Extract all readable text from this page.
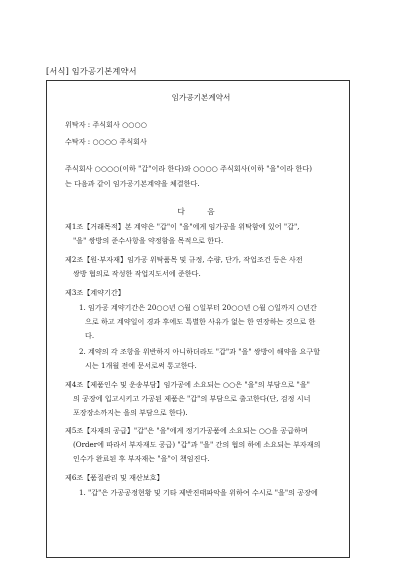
[서식] 임가공기본계약서
임가공기본계약서
위탁자 : 주식회사 ○○○○
수탁자 : ○○○○ 주식회사
주식회사 ○○○○(이하 "갑"이라 한다)와 ○○○○ 주식회사(이하 "을"이라 한다)
는 다음과 같이 임가공기본계약을 체결한다.
다 음
제1조【거래목적】본 계약은 "갑"이 "을"에게 임가공을 위탁함에 있어 "갑",
"을" 쌍방의 준수사항을 약정함을 목적으로 한다.
제2조【원·부자재】임가공 위탁품목 및 규정, 수량, 단가, 작업조건 등은 사전
쌍방 협의로 작성한 작업지도서에 준한다.
제3조【계약기간】
1. 임가공 계약기간은 20○○년 ○월 ○일부터 20○○년 ○월 ○일까지 ○년간
으로 하고 계약일이 경과 후에도 특별한 사유가 없는 한 연장하는 것으로 한
다.
2. 계약의 각 조항을 위반하지 아니하더라도 "갑"과 "을" 쌍방이 해약을 요구할
시는 1개월 전에 문서로써 통고한다.
제4조【제품인수 및 운송부담】임가공에 소요되는 ○○은 "을"의 부담으로 "을"
의 공장에 입고시키고 가공된 제품은 "갑"의 부담으로 출고한다(단, 검정 시너
포장장소까지는 을의 부담으로 한다).
제5조【자재의 공급】"갑"은 "을"에게 정기가공품에 소요되는 ○○을 공급하며
(Order에 따라서 부자재도 공급) "갑"과 "을" 간의 협의 하에 소요되는 부자재의
인수가 완료된 후 부자재는 "을"이 책임진다.
제6조【품질관리 및 재산보호】
1. "갑"은 가공공정현황 및 기타 제반진태파악을 위하여 수시로 "을"의 공장에
